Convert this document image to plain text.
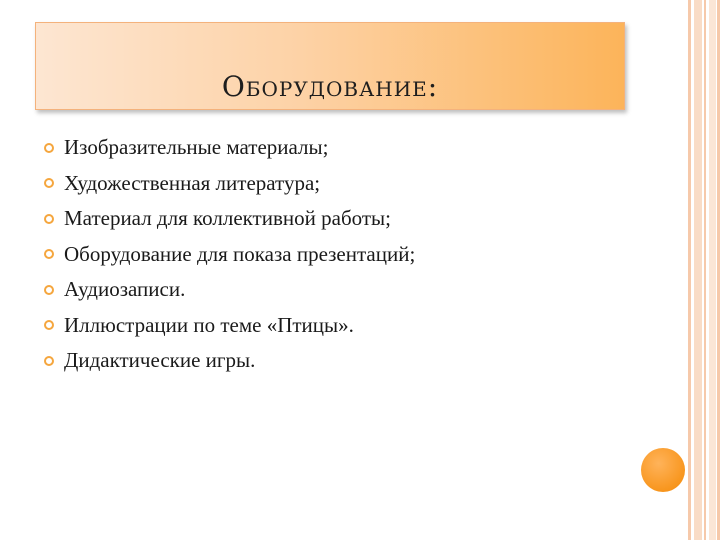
Оборудование:
Изобразительные материалы;
Художественная литература;
Материал для коллективной работы;
Оборудование для показа презентаций;
Аудиозаписи.
Иллюстрации по теме «Птицы».
Дидактические игры.
